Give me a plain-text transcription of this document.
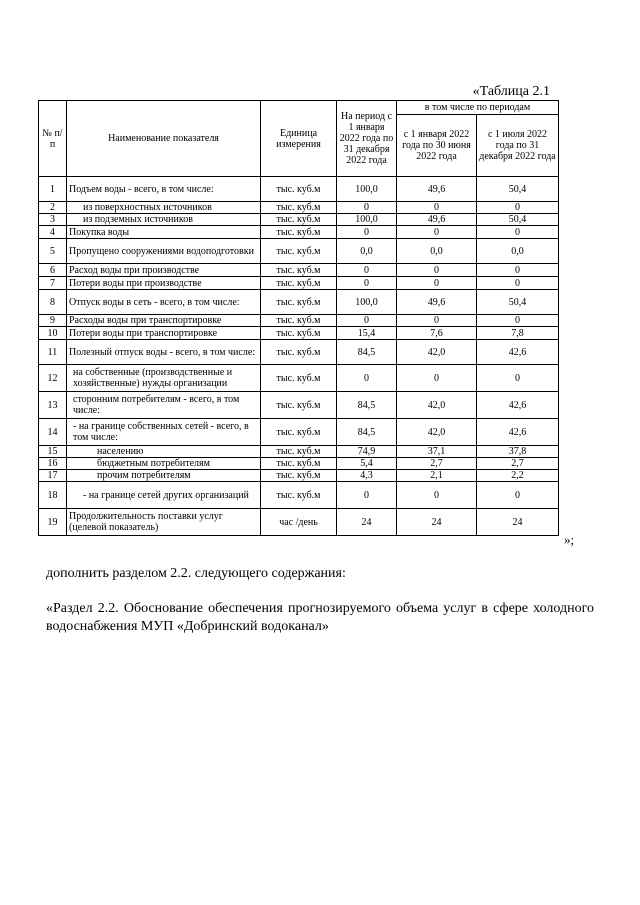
«Таблица 2.1
№ п/п	Наименование показателя	Единица измерения	На период с 1 января 2022 года по 31 декабря 2022 года	в том числе по периодам	
				с 1 января 2022 года по 30 июня 2022 года	с 1 июля 2022 года по 31 декабря 2022 года
1	Подъем воды - всего, в том числе:	тыс. куб.м	100,0	49,6	50,4
2	из поверхностных источников	тыс. куб.м	0	0	0
3	из подземных источников	тыс. куб.м	100,0	49,6	50,4
4	Покупка воды	тыс. куб.м	0	0	0
5	Пропущено сооружениями водоподготовки	тыс. куб.м	0,0	0,0	0,0
6	Расход воды при производстве	тыс. куб.м	0	0	0
7	Потери воды при производстве	тыс. куб.м	0	0	0
8	Отпуск воды в сеть - всего, в том числе:	тыс. куб.м	100,0	49,6	50,4
9	Расходы воды при транспортировке	тыс. куб.м	0	0	0
10	Потери воды при транспортировке	тыс. куб.м	15,4	7,6	7,8
11	Полезный отпуск воды - всего, в том числе:	тыс. куб.м	84,5	42,0	42,6
12	на собственные (производственные и хозяйственные) нужды организации	тыс. куб.м	0	0	0
13	сторонним потребителям - всего, в том числе:	тыс. куб.м	84,5	42,0	42,6
14	- на границе собственных сетей - всего, в том числе:	тыс. куб.м	84,5	42,0	42,6
15	населению	тыс. куб.м	74,9	37,1	37,8
16	бюджетным потребителям	тыс. куб.м	5,4	2,7	2,7
17	прочим потребителям	тыс. куб.м	4,3	2,1	2,2
18	- на границе сетей других организаций	тыс. куб.м	0	0	0
19	Продолжительность поставки услуг (целевой показатель)	час /день	24	24	24
»;
дополнить разделом 2.2. следующего содержания:
«Раздел 2.2. Обоснование обеспечения прогнозируемого объема услуг в сфере холодного водоснабжения МУП «Добринский водоканал»
